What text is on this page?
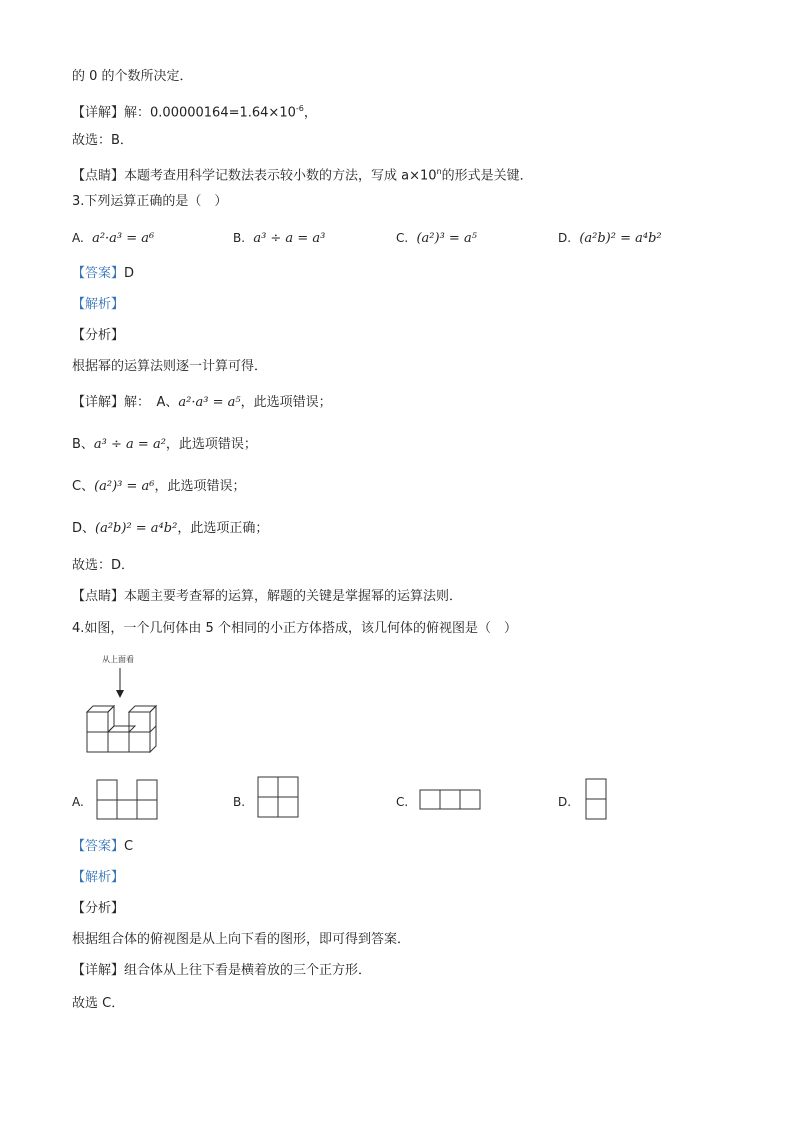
的 0 的个数所决定．
【详解】解：$0.00000164=1.64\times 10^{-6}$，
故选：B．
【点睛】本题考查用科学记数法表示较小数的方法，写成 $a\times 10^n$的形式是关键．
3.下列运算正确的是（　）
A. a²·a³ = a⁶	B. a³ ÷ a = a³	C. (a²)³ = a⁵	D. (a²b)² = a⁴b²
【答案】D
【解析】
【分析】
根据幂的运算法则逐一计算可得．
【详解】解：　A、a²·a³ = a⁵，此选项错误；
B、a³ ÷ a = a²，此选项错误；
C、(a²)³ = a⁶，此选项错误；
D、(a²b)² = a⁴b²，此选项正确；
故选：D．
【点睛】本题主要考查幂的运算，解题的关键是掌握幂的运算法则．
4.如图，一个几何体由 5 个相同的小正方体搭成，该几何体的俯视图是（　）
从上面看
A.	B.	C.	D.
【答案】C
【解析】
【分析】
根据组合体的俯视图是从上向下看的图形，即可得到答案．
【详解】组合体从上往下看是横着放的三个正方形．
故选 C．
